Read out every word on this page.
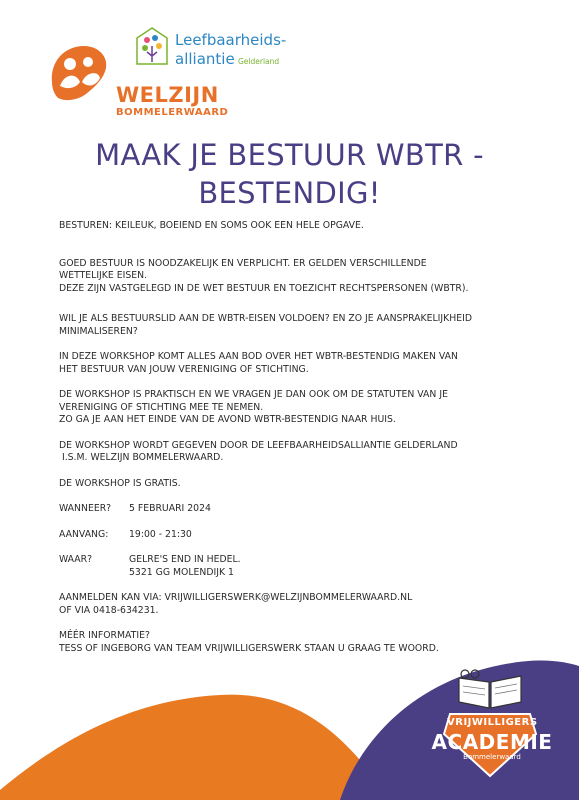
WELZIJN
BOMMELERWAARD
Leefbaarheids-
alliantie Gelderland
MAAK JE BESTUUR WBTR -
BESTENDIG!

BESTUREN: KEILEUK, BOEIEND EN SOMS OOK EEN HELE OPGAVE.

GOED BESTUUR IS NOODZAKELIJK EN VERPLICHT. ER GELDEN VERSCHILLENDE

WETTELIJKE EISEN.

DEZE ZIJN VASTGELEGD IN DE WET BESTUUR EN TOEZICHT RECHTSPERSONEN (WBTR).

WIL JE ALS BESTUURSLID AAN DE WBTR-EISEN VOLDOEN? EN ZO JE AANSPRAKELIJKHEID

MINIMALISEREN?

IN DEZE WORKSHOP KOMT ALLES AAN BOD OVER HET WBTR-BESTENDIG MAKEN VAN

HET BESTUUR VAN JOUW VERENIGING OF STICHTING.

DE WORKSHOP IS PRAKTISCH EN WE VRAGEN JE DAN OOK OM DE STATUTEN VAN JE

VERENIGING OF STICHTING MEE TE NEMEN.

ZO GA JE AAN HET EINDE VAN DE AVOND WBTR-BESTENDIG NAAR HUIS.

DE WORKSHOP WORDT GEGEVEN DOOR DE LEEFBAARHEIDSALLIANTIE GELDERLAND

I.S.M. WELZIJN BOMMELERWAARD.

DE WORKSHOP IS GRATIS.

WANNEER?	5 FEBRUARI 2024
AANVANG:	19:00 - 21:30
WAAR?	GELRE'S END IN HEDEL.
5321 GG MOLENDIJK 1

AANMELDEN KAN VIA: VRIJWILLIGERSWERK@WELZIJNBOMMELERWAARD.NL

OF VIA 0418-634231.

MÉÉR INFORMATIE?

TESS OF INGEBORG VAN TEAM VRIJWILLIGERSWERK STAAN U GRAAG TE WOORD.

VRIJWILLIGERS
ACADEMIE
Bommelerwaard
